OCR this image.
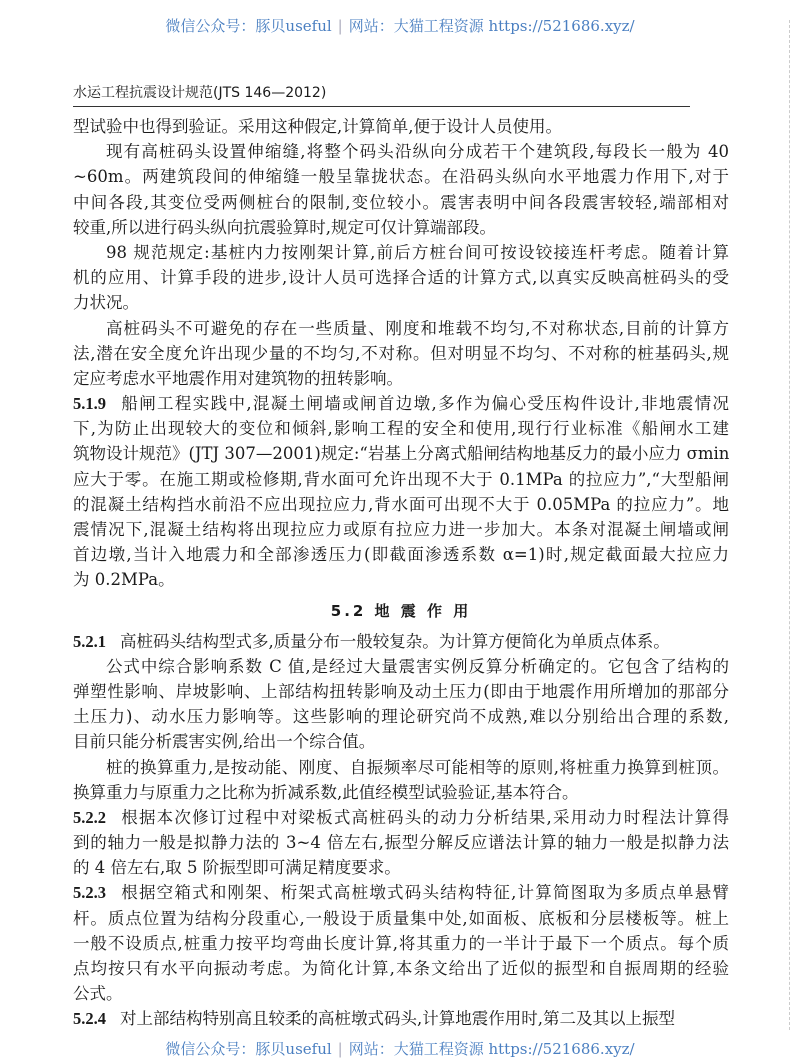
微信公众号：豚贝useful | 网站：大猫工程资源 https://521686.xyz/
水运工程抗震设计规范(JTS 146—2012)
型试验中也得到验证。采用这种假定,计算简单,便于设计人员使用。
现有高桩码头设置伸缩缝,将整个码头沿纵向分成若干个建筑段,每段长一般为 40
~60m。两建筑段间的伸缩缝一般呈靠拢状态。在沿码头纵向水平地震力作用下,对于
中间各段,其变位受两侧桩台的限制,变位较小。震害表明中间各段震害较轻,端部相对
较重,所以进行码头纵向抗震验算时,规定可仅计算端部段。
98 规范规定:基桩内力按刚架计算,前后方桩台间可按设铰接连杆考虑。随着计算
机的应用、计算手段的进步,设计人员可选择合适的计算方式,以真实反映高桩码头的受
力状况。
高桩码头不可避免的存在一些质量、刚度和堆载不均匀,不对称状态,目前的计算方
法,潜在安全度允许出现少量的不均匀,不对称。但对明显不均匀、不对称的桩基码头,规
定应考虑水平地震作用对建筑物的扭转影响。
5.1.9 船闸工程实践中,混凝土闸墙或闸首边墩,多作为偏心受压构件设计,非地震情况
下,为防止出现较大的变位和倾斜,影响工程的安全和使用,现行行业标准《船闸水工建
筑物设计规范》(JTJ 307—2001)规定:“岩基上分离式船闸结构地基反力的最小应力 σmin
应大于零。在施工期或检修期,背水面可允许出现不大于 0.1MPa 的拉应力”,“大型船闸
的混凝土结构挡水前沿不应出现拉应力,背水面可出现不大于 0.05MPa 的拉应力”。地
震情况下,混凝土结构将出现拉应力或原有拉应力进一步加大。本条对混凝土闸墙或闸
首边墩,当计入地震力和全部渗透压力(即截面渗透系数 α=1)时,规定截面最大拉应力
为 0.2MPa。
5.2 地 震 作 用
5.2.1 高桩码头结构型式多,质量分布一般较复杂。为计算方便简化为单质点体系。
公式中综合影响系数 C 值,是经过大量震害实例反算分析确定的。它包含了结构的
弹塑性影响、岸坡影响、上部结构扭转影响及动土压力(即由于地震作用所增加的那部分
土压力)、动水压力影响等。这些影响的理论研究尚不成熟,难以分别给出合理的系数,
目前只能分析震害实例,给出一个综合值。
桩的换算重力,是按动能、刚度、自振频率尽可能相等的原则,将桩重力换算到桩顶。
换算重力与原重力之比称为折减系数,此值经模型试验验证,基本符合。
5.2.2 根据本次修订过程中对梁板式高桩码头的动力分析结果,采用动力时程法计算得
到的轴力一般是拟静力法的 3~4 倍左右,振型分解反应谱法计算的轴力一般是拟静力法
的 4 倍左右,取 5 阶振型即可满足精度要求。
5.2.3 根据空箱式和刚架、桁架式高桩墩式码头结构特征,计算简图取为多质点单悬臂
杆。质点位置为结构分段重心,一般设于质量集中处,如面板、底板和分层楼板等。桩上
一般不设质点,桩重力按平均弯曲长度计算,将其重力的一半计于最下一个质点。每个质
点均按只有水平向振动考虑。为简化计算,本条文给出了近似的振型和自振周期的经验
公式。
5.2.4 对上部结构特别高且较柔的高桩墩式码头,计算地震作用时,第二及其以上振型
微信公众号：豚贝useful | 网站：大猫工程资源 https://521686.xyz/
